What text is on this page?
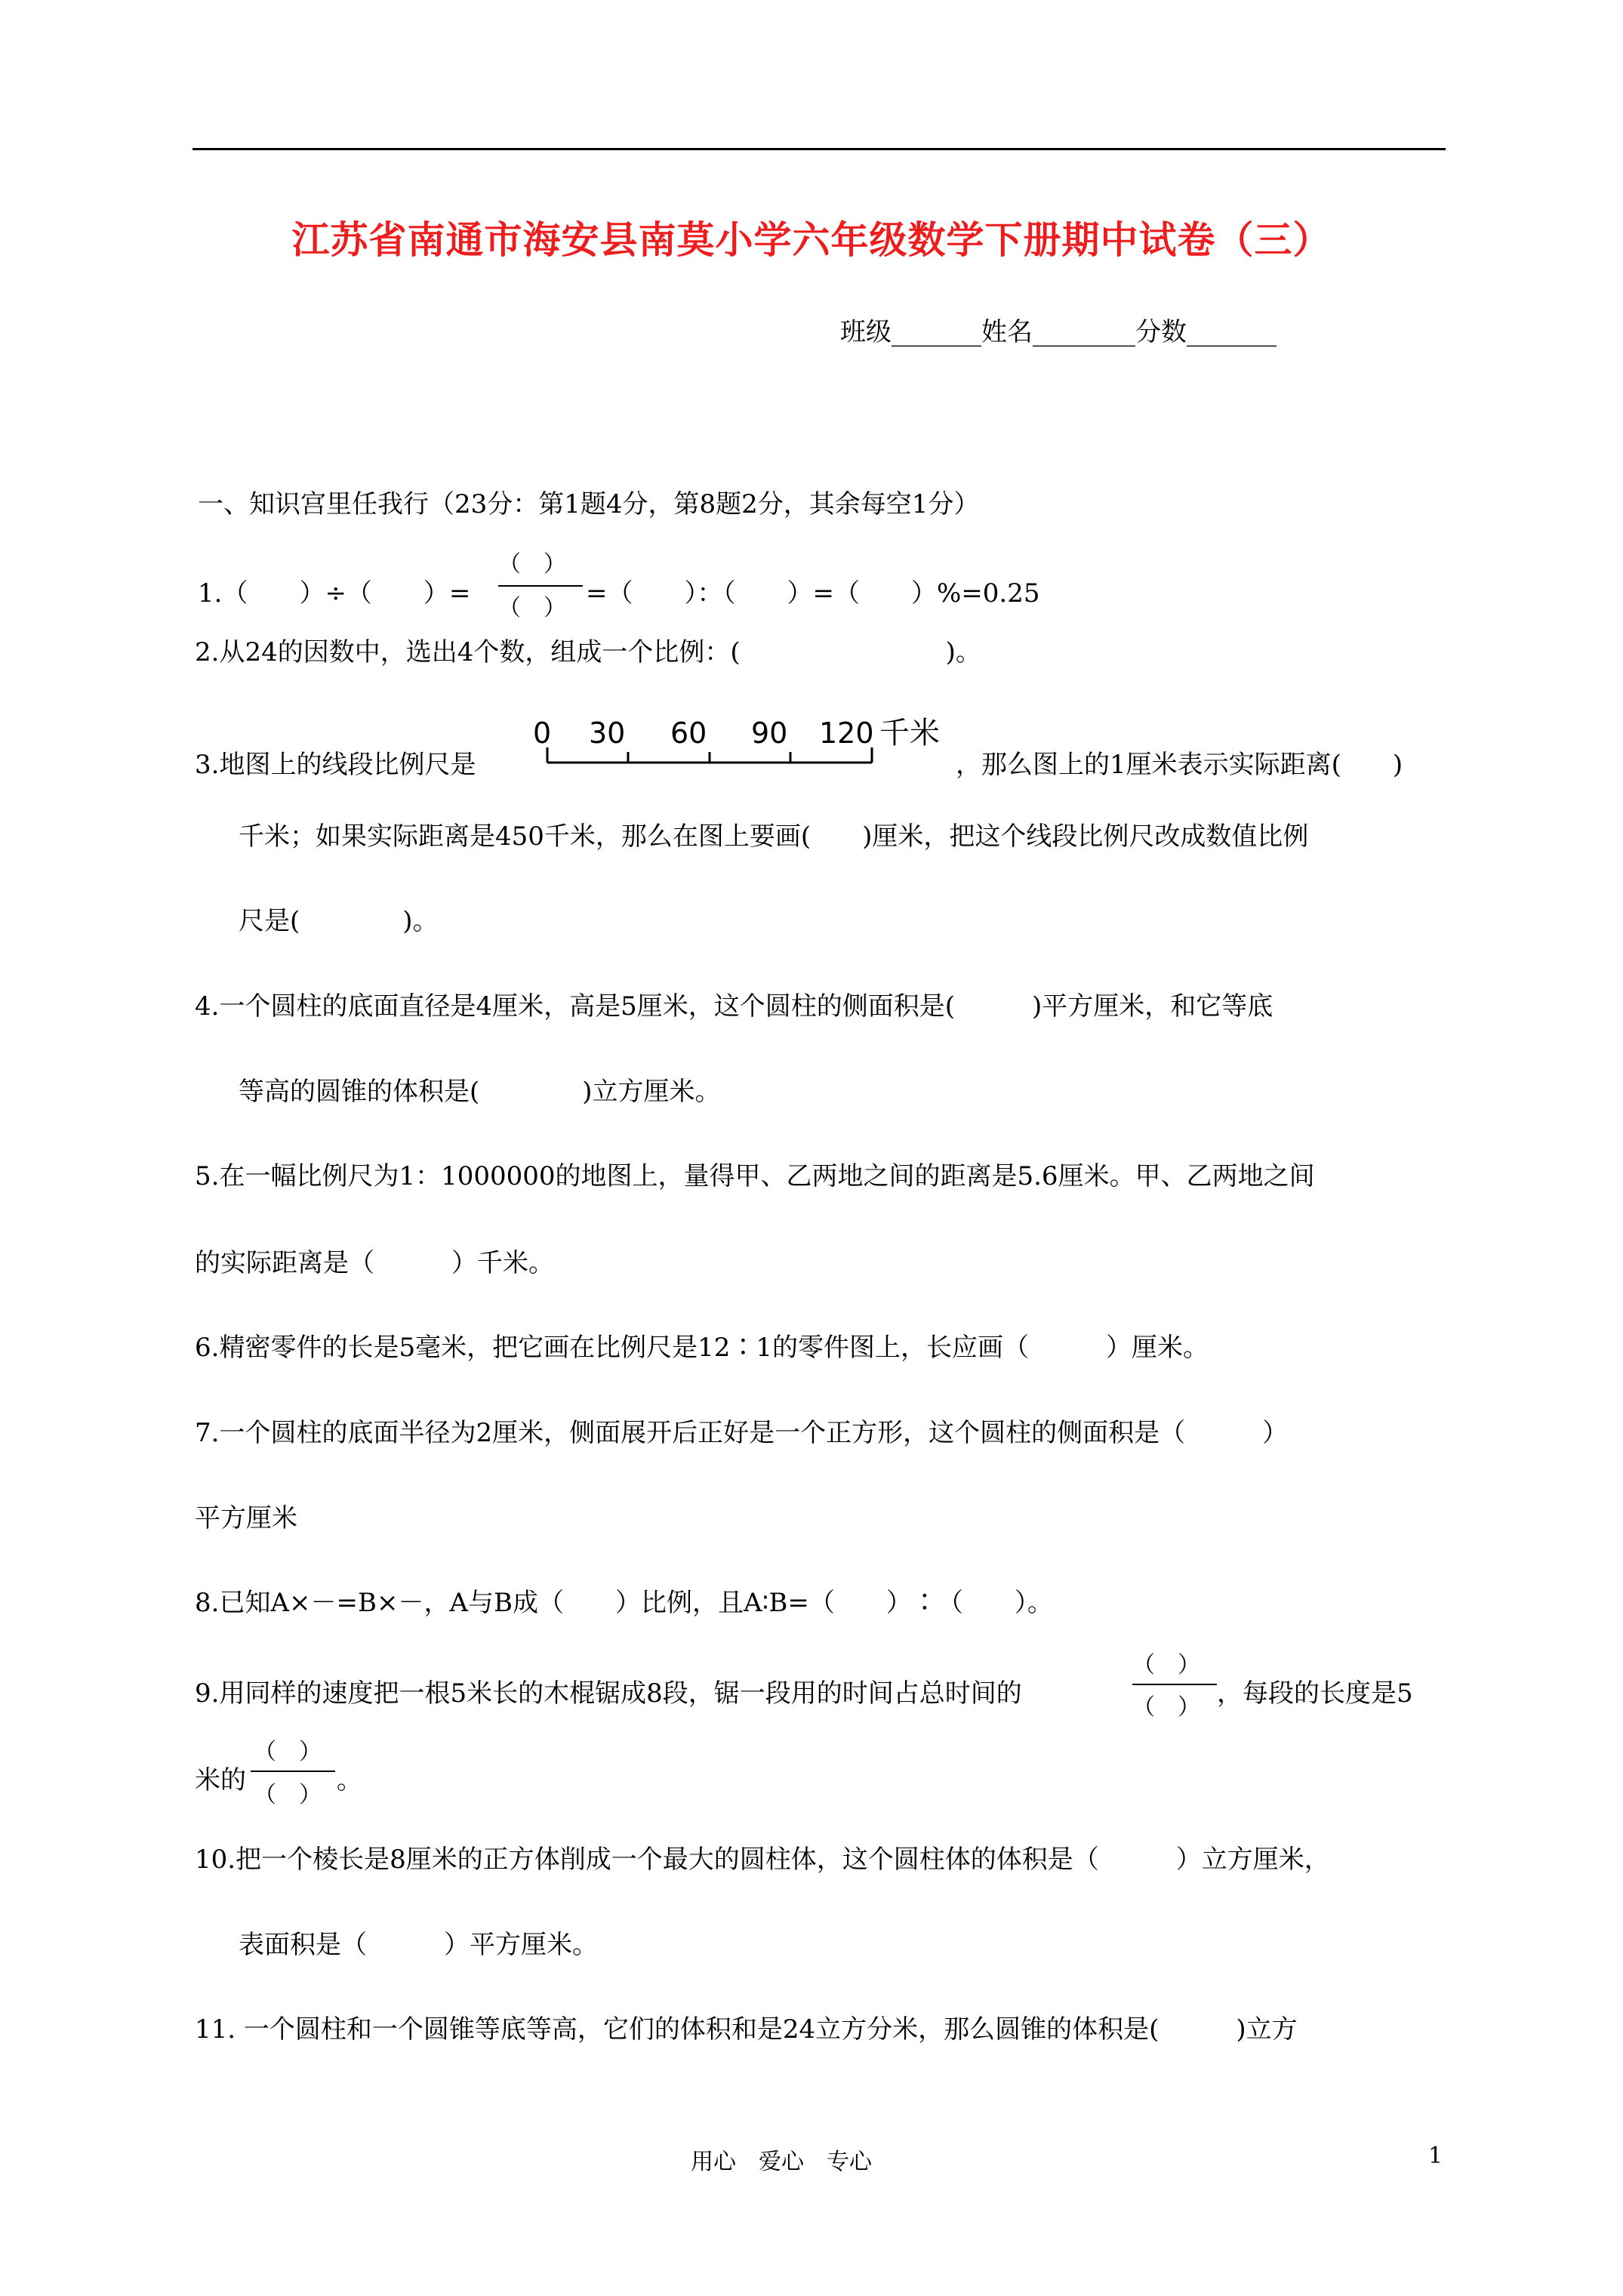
江苏省南通市海安县南莫小学六年级数学下册期中试卷（三）
班级_______姓名________分数_______
一、知识宫里任我行（23分：第1题4分，第8题2分，其余每空1分）
1.（　　）÷（　　）=
（　）
（　） =（　　）：（　　）=（　　）%=0.25
2.从24的因数中，选出4个数，组成一个比例：(　　　　　　　　)。
3.地图上的线段比例尺是
0 30 60 90 120 千米
，那么图上的1厘米表示实际距离(　　)
千米；如果实际距离是450千米，那么在图上要画(　　)厘米，把这个线段比例尺改成数值比例
尺是(　　　　)。
4.一个圆柱的底面直径是4厘米，高是5厘米，这个圆柱的侧面积是(　　　)平方厘米，和它等底
等高的圆锥的体积是(　　　　)立方厘米。
5.在一幅比例尺为1：1000000的地图上，量得甲、乙两地之间的距离是5.6厘米。甲、乙两地之间
的实际距离是（　　　）千米。
6.精密零件的长是5毫米，把它画在比例尺是12∶1的零件图上，长应画（　　　）厘米。
7.一个圆柱的底面半径为2厘米，侧面展开后正好是一个正方形，这个圆柱的侧面积是（　　　）
平方厘米
8.已知A×－=B×－，A与B成（　　）比例，且A∶B=（　　）∶（　　）。
9.用同样的速度把一根5米长的木棍锯成8段，锯一段用的时间占总时间的
（　）
（　） ，每段的长度是5
米的
（　）
（　） 。
10.把一个棱长是8厘米的正方体削成一个最大的圆柱体，这个圆柱体的体积是（　　　）立方厘米，
表面积是（　　　）平方厘米。
11. 一个圆柱和一个圆锥等底等高，它们的体积和是24立方分米，那么圆锥的体积是(　　　)立方
用心　爱心　专心	1
